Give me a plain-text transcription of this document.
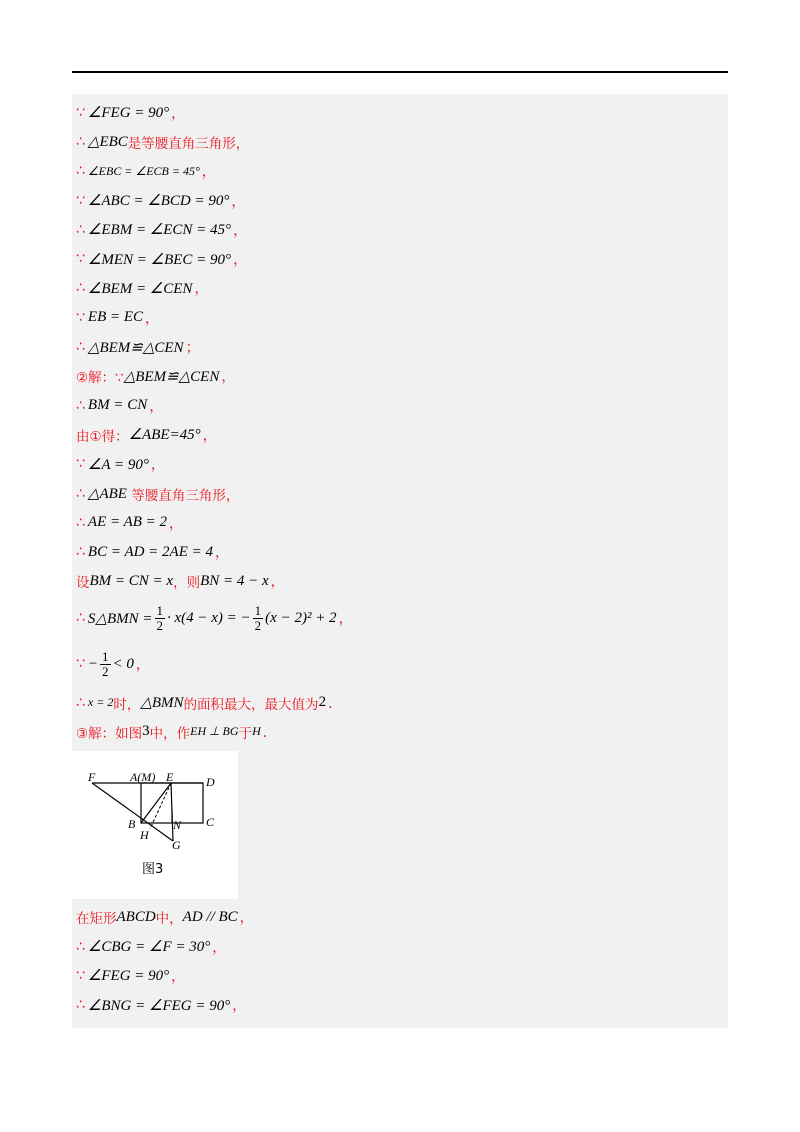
∵ ∠FEG = 90° ，
∴ △EBC 是等腰直角三角形，
∴ ∠EBC = ∠ECB = 45° ，
∵ ∠ABC = ∠BCD = 90° ，
∴ ∠EBM = ∠ECN = 45° ，
∵ ∠MEN = ∠BEC = 90° ，
∴ ∠BEM = ∠CEN ，
∵ EB = EC ，
∴ △BEM≌△CEN ；
②解：∵ △BEM≌△CEN ，
∴ BM = CN ，
由①得： ∠ABE=45° ，
∵ ∠A = 90° ，
∴ △ABE
等腰直角三角形，
∴ AE = AB = 2 ，
∴ BC = AD = 2AE = 4 ，
设 BM = CN = x ，则 BN = 4 − x ，
∴ S△BMN = $\frac{1}{2} \cdot x(4 - x)$ = − $\frac{1}{2} (x - 2)^2 + 2$ ，
∵ − $\frac{1}{2} < 0$ ，
∴ x = 2 时， △BMN 的面积最大，最大值为 2 ．
③解：如图 3 中，作 EH ⊥ BG 于 H ．
F	A(M) E	D
B	N C
H
G
图3
在矩形 ABCD 中， AD // BC ，
∴ ∠CBG = ∠F = 30° ，
∵ ∠FEG = 90° ，
∴ ∠BNG = ∠FEG = 90° ，
